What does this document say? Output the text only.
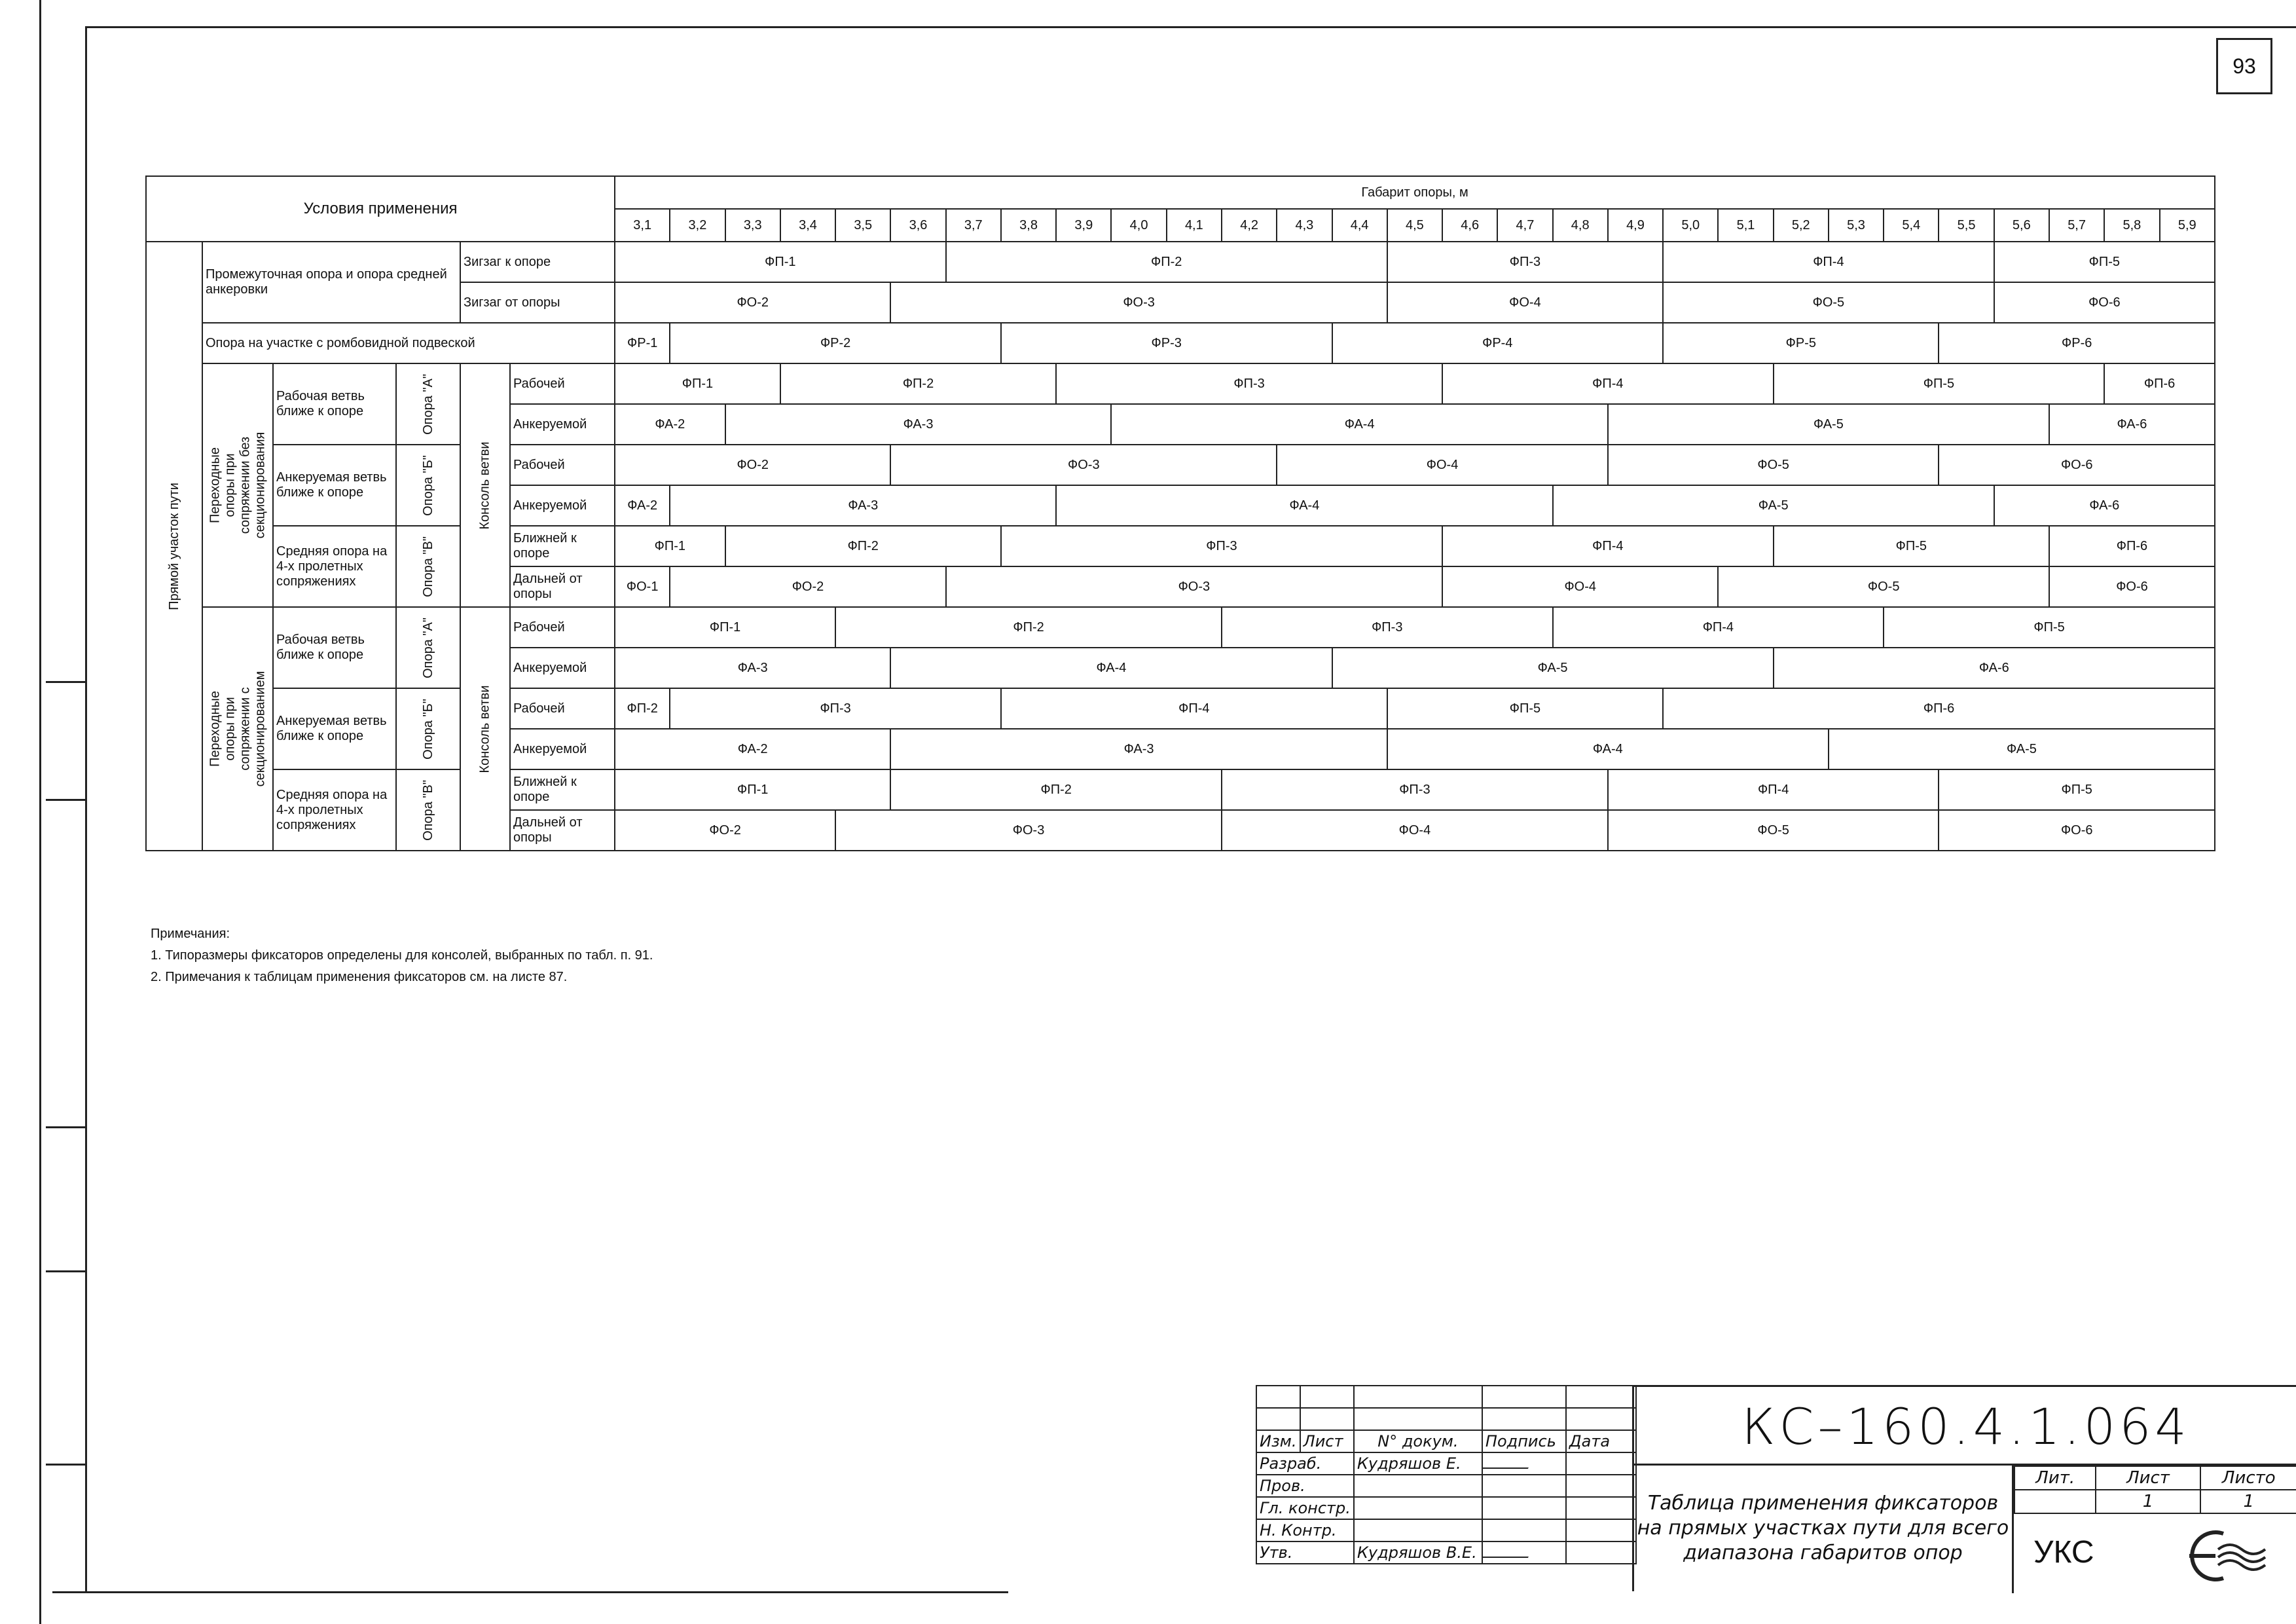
93
Условия применения						Габарит опоры, м																												
						3,1	3,2	3,3	3,4	3,5	3,6	3,7	3,8	3,9	4,0	4,1	4,2	4,3	4,4	4,5	4,6	4,7	4,8	4,9	5,0	5,1	5,2	5,3	5,4	5,5	5,6	5,7	5,8	5,9

Прямой участок пути	Промежуточная опора и опора средней анкеровки			Зигзаг к опоре		ФП-1						ФП-2								ФП-3					ФП-4						ФП-5			
				Зигзаг от опоры		ФО-2					ФО-3									ФО-4					ФО-5						ФО-6			
	Опора на участке с ромбовидной подвеской					ФР-1	ФР-2						ФР-3						ФР-4						ФР-5					ФР-6				

	Переходные опоры при сопряжении без секционирования	Рабочая ветвь ближе к опоре	Опора "А"	Консоль ветви	Рабочей	ФП-1			ФП-2					ФП-3							ФП-4						ФП-5						ФП-6	
					Анкеруемой	ФА-2		ФА-3							ФА-4									ФА-5								ФА-6		
		Анкеруемая ветвь ближе к опоре	Опора "Б"		Рабочей	ФО-2					ФО-3							ФО-4						ФО-5						ФО-6				
					Анкеруемой	ФА-2	ФА-3							ФА-4									ФА-5								ФА-6			
		Средняя опора на 4-х пролетных сопряжениях	Опора "В"		Ближней к опоре	ФП-1		ФП-2					ФП-3								ФП-4						ФП-5					ФП-6		
					Дальней от опоры	ФО-1	ФО-2					ФО-3									ФО-4					ФО-5						ФО-6		

	Переходные опоры при сопряжении с секционированием	Рабочая ветвь ближе к опоре	Опора "А"	Консоль ветви	Рабочей	ФП-1				ФП-2							ФП-3						ФП-4						ФП-5					
					Анкеруемой	ФА-3					ФА-4								ФА-5								ФА-6							
		Анкеруемая ветвь ближе к опоре	Опора "Б"		Рабочей	ФП-2	ФП-3						ФП-4							ФП-5					ФП-6									
					Анкеруемой	ФА-2					ФА-3									ФА-4								ФА-5						
		Средняя опора на 4-х пролетных сопряжениях	Опора "В"		Ближней к опоре	ФП-1					ФП-2						ФП-3							ФП-4						ФП-5				
					Дальней от опоры	ФО-2				ФО-3							ФО-4							ФО-5						ФО-6				
Примечания:
1. Типоразмеры фиксаторов определены для консолей, выбранных по табл. п. 91.
2. Примечания к таблицам применения фиксаторов см. на листе 87.

Изм.	Лист	N° докум.	Подпись	Дата
Разраб.		Кудряшов Е.		
Пров.				
Гл. констр.				
Н. Контр.				
Утв.		Кудряшов В.Е.		
КС–160.4.1.064
Таблица применения фиксаторов на прямых участках пути для всего диапазона габаритов опор
Лит.	Лист	Листо
	1	1
УКС
